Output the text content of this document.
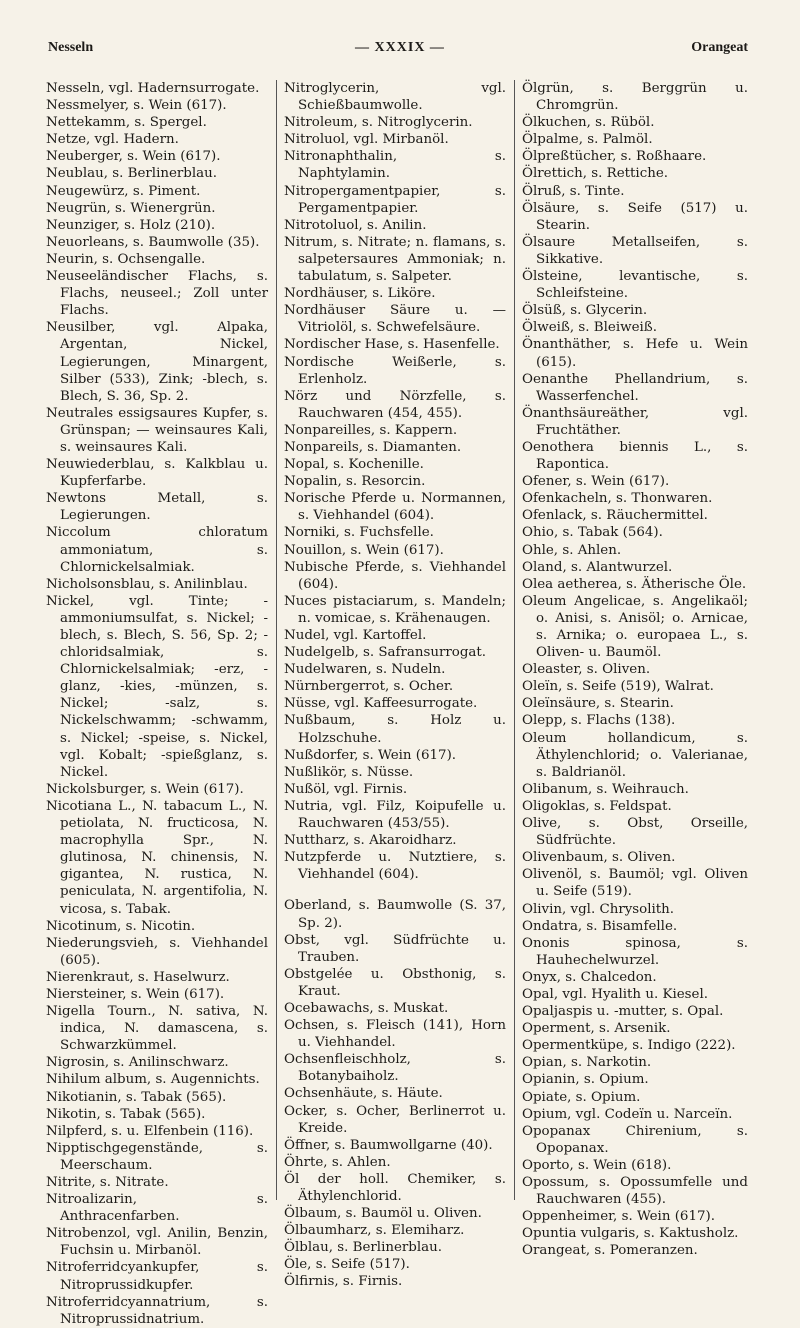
Nesseln	— XXXIX —	Orangeat
Nesseln, vgl. Hadernsurrogate.
Nessmelyer, s. Wein (617).
Nettekamm, s. Spergel.
Netze, vgl. Hadern.
Neuberger, s. Wein (617).
Neublau, s. Berlinerblau.
Neugewürz, s. Piment.
Neugrün, s. Wienergrün.
Neunziger, s. Holz (210).
Neuorleans, s. Baumwolle (35).
Neurin, s. Ochsengalle.
Neuseeländischer Flachs, s. Flachs, neuseel.; Zoll unter Flachs.
Neusilber, vgl. Alpaka, Argentan, Nickel, Legierungen, Minargent, Silber (533), Zink; -blech, s. Blech, S. 36, Sp. 2.
Neutrales essigsaures Kupfer, s. Grünspan; — weinsaures Kali, s. weinsaures Kali.
Neuwiederblau, s. Kalkblau u. Kupferfarbe.
Newtons Metall, s. Legierungen.
Niccolum chloratum ammoniatum, s. Chlornickelsalmiak.
Nicholsonsblau, s. Anilinblau.
Nickel, vgl. Tinte; -ammoniumsulfat, s. Nickel; -blech, s. Blech, S. 56, Sp. 2; -chloridsalmiak, s. Chlornickelsalmiak; -erz, -glanz, -kies, -münzen, s. Nickel; -salz, s. Nickelschwamm; -schwamm, s. Nickel; -speise, s. Nickel, vgl. Kobalt; -spießglanz, s. Nickel.
Nickolsburger, s. Wein (617).
Nicotiana L., N. tabacum L., N. petiolata, N. fructicosa, N. macrophylla Spr., N. glutinosa, N. chinensis, N. gigantea, N. rustica, N. peniculata, N. argentifolia, N. vicosa, s. Tabak.
Nicotinum, s. Nicotin.
Niederungsvieh, s. Viehhandel (605).
Nierenkraut, s. Haselwurz.
Niersteiner, s. Wein (617).
Nigella Tourn., N. sativa, N. indica, N. damascena, s. Schwarzkümmel.
Nigrosin, s. Anilinschwarz.
Nihilum album, s. Augennichts.
Nikotianin, s. Tabak (565).
Nikotin, s. Tabak (565).
Nilpferd, s. u. Elfenbein (116).
Nipptischgegenstände, s. Meerschaum.
Nitrite, s. Nitrate.
Nitroalizarin, s. Anthracenfarben.
Nitrobenzol, vgl. Anilin, Benzin, Fuchsin u. Mirbanöl.
Nitroferridcyankupfer, s. Nitroprussidkupfer.
Nitroferridcyannatrium, s. Nitroprussidnatrium.
Nitroglycerin, vgl. Schießbaumwolle.
Nitroleum, s. Nitroglycerin.
Nitroluol, vgl. Mirbanöl.
Nitronaphthalin, s. Naphtylamin.
Nitropergamentpapier, s. Pergamentpapier.
Nitrotoluol, s. Anilin.
Nitrum, s. Nitrate; n. flamans, s. salpetersaures Ammoniak; n. tabulatum, s. Salpeter.
Nordhäuser, s. Liköre.
Nordhäuser Säure u. — Vitriolöl, s. Schwefelsäure.
Nordischer Hase, s. Hasenfelle.
Nordische Weißerle, s. Erlenholz.
Nörz und Nörzfelle, s. Rauchwaren (454, 455).
Nonpareilles, s. Kappern.
Nonpareils, s. Diamanten.
Nopal, s. Kochenille.
Nopalin, s. Resorcin.
Norische Pferde u. Normannen, s. Viehhandel (604).
Norniki, s. Fuchsfelle.
Nouillon, s. Wein (617).
Nubische Pferde, s. Viehhandel (604).
Nuces pistaciarum, s. Mandeln; n. vomicae, s. Krähenaugen.
Nudel, vgl. Kartoffel.
Nudelgelb, s. Safransurrogat.
Nudelwaren, s. Nudeln.
Nürnbergerrot, s. Ocher.
Nüsse, vgl. Kaffeesurrogate.
Nußbaum, s. Holz u. Holzschuhe.
Nußdorfer, s. Wein (617).
Nußlikör, s. Nüsse.
Nußöl, vgl. Firnis.
Nutria, vgl. Filz, Koipufelle u. Rauchwaren (453/55).
Nuttharz, s. Akaroidharz.
Nutzpferde u. Nutztiere, s. Viehhandel (604).
Oberland, s. Baumwolle (S. 37, Sp. 2).
Obst, vgl. Südfrüchte u. Trauben.
Obstgelée u. Obsthonig, s. Kraut.
Ocebawachs, s. Muskat.
Ochsen, s. Fleisch (141), Horn u. Viehhandel.
Ochsenfleischholz, s. Botanybaiholz.
Ochsenhäute, s. Häute.
Ocker, s. Ocher, Berlinerrot u. Kreide.
Öffner, s. Baumwollgarne (40).
Öhrte, s. Ahlen.
Öl der holl. Chemiker, s. Äthylenchlorid.
Ölbaum, s. Baumöl u. Oliven.
Ölbaumharz, s. Elemiharz.
Ölblau, s. Berlinerblau.
Öle, s. Seife (517).
Ölfirnis, s. Firnis.
Ölgrün, s. Berggrün u. Chromgrün.
Ölkuchen, s. Rüböl.
Ölpalme, s. Palmöl.
Ölpreßtücher, s. Roßhaare.
Ölrettich, s. Rettiche.
Ölruß, s. Tinte.
Ölsäure, s. Seife (517) u. Stearin.
Ölsaure Metallseifen, s. Sikkative.
Ölsteine, levantische, s. Schleifsteine.
Ölsüß, s. Glycerin.
Ölweiß, s. Bleiweiß.
Önanthäther, s. Hefe u. Wein (615).
Oenanthe Phellandrium, s. Wasserfenchel.
Önanthsäureäther, vgl. Fruchtäther.
Oenothera biennis L., s. Rapontica.
Ofener, s. Wein (617).
Ofenkacheln, s. Thonwaren.
Ofenlack, s. Räuchermittel.
Ohio, s. Tabak (564).
Ohle, s. Ahlen.
Oland, s. Alantwurzel.
Olea aetherea, s. Ätherische Öle.
Oleum Angelicae, s. Angelikaöl; o. Anisi, s. Anisöl; o. Arnicae, s. Arnika; o. europaea L., s. Oliven- u. Baumöl.
Oleaster, s. Oliven.
Oleïn, s. Seife (519), Walrat.
Oleïnsäure, s. Stearin.
Olepp, s. Flachs (138).
Oleum hollandicum, s. Äthylenchlorid; o. Valerianae, s. Baldrianöl.
Olibanum, s. Weihrauch.
Oligoklas, s. Feldspat.
Olive, s. Obst, Orseille, Südfrüchte.
Olivenbaum, s. Oliven.
Olivenöl, s. Baumöl; vgl. Oliven u. Seife (519).
Olivin, vgl. Chrysolith.
Ondatra, s. Bisamfelle.
Ononis spinosa, s. Hauhechelwurzel.
Onyx, s. Chalcedon.
Opal, vgl. Hyalith u. Kiesel.
Opaljaspis u. -mutter, s. Opal.
Operment, s. Arsenik.
Opermentküpe, s. Indigo (222).
Opian, s. Narkotin.
Opianin, s. Opium.
Opiate, s. Opium.
Opium, vgl. Codeïn u. Narceïn.
Opopanax Chirenium, s. Opopanax.
Oporto, s. Wein (618).
Opossum, s. Opossumfelle und Rauchwaren (455).
Oppenheimer, s. Wein (617).
Opuntia vulgaris, s. Kaktusholz.
Orangeat, s. Pomeranzen.
